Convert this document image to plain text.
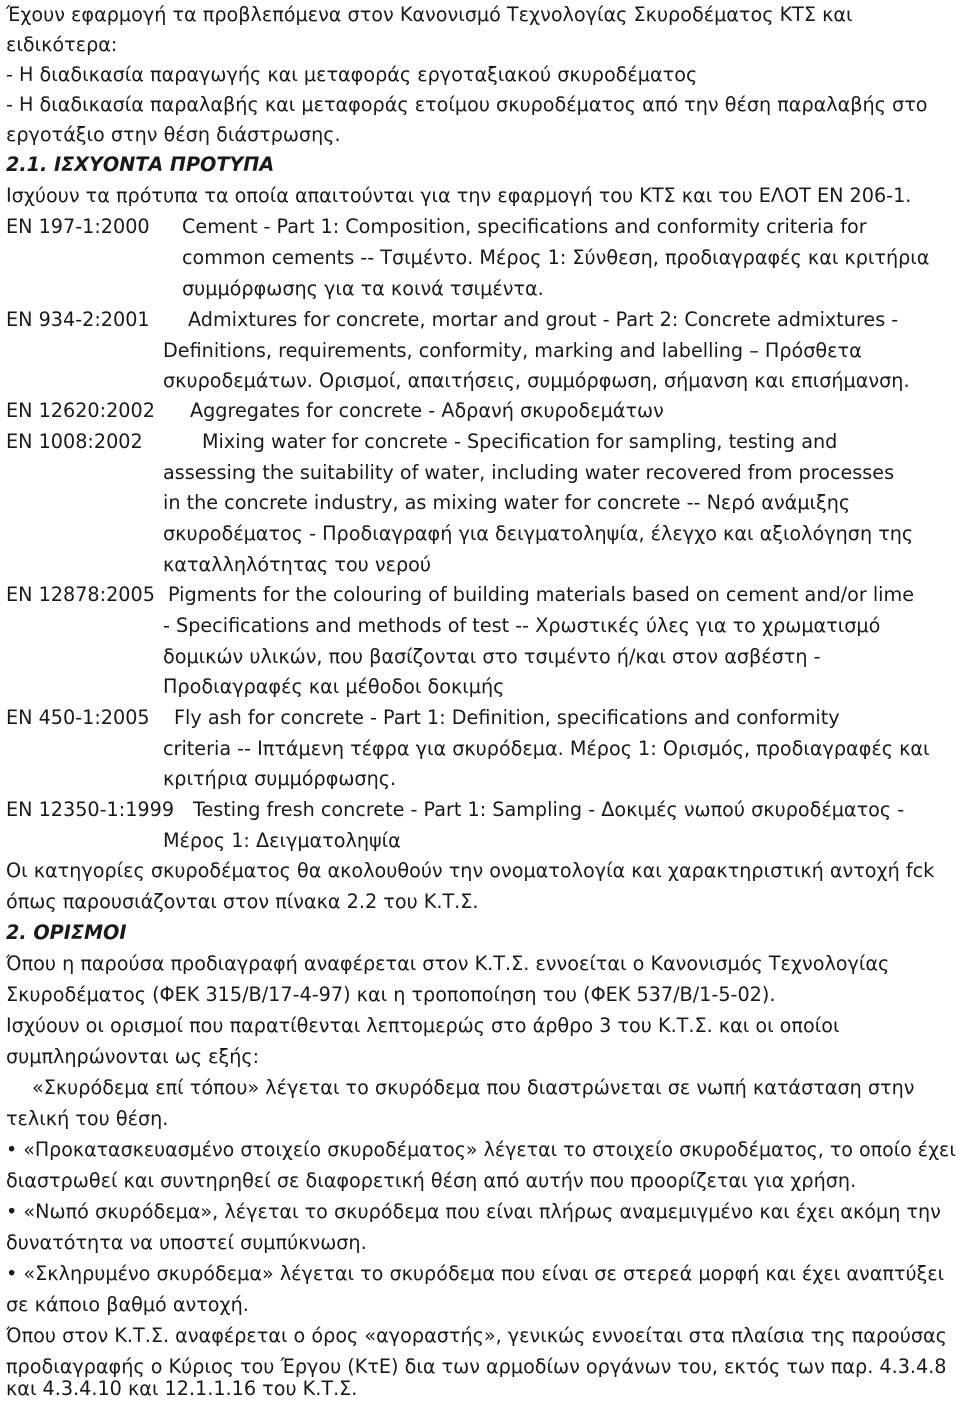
Έχουν εφαρμογή τα προβλεπόμενα στον Κανονισμό Τεχνολογίας Σκυροδέματος ΚΤΣ και
ειδικότερα:
- Η διαδικασία παραγωγής και μεταφοράς εργοταξιακού σκυροδέματος
- Η διαδικασία παραλαβής και μεταφοράς ετοίμου σκυροδέματος από την θέση παραλαβής στο
εργοτάξιο στην θέση διάστρωσης.
2.1. ΙΣΧΥΟΝΤΑ ΠΡΟΤΥΠΑ
Ισχύουν τα πρότυπα τα οποία απαιτούνται για την εφαρμογή του ΚΤΣ και του ΕΛΟΤ ΕΝ 206-1.
EN 197-1:2000 Cement - Part 1: Composition, specifications and conformity criteria for
common cements -- Τσιμέντο. Μέρος 1: Σύνθεση, προδιαγραφές και κριτήρια
συμμόρφωσης για τα κοινά τσιμέντα.
EN 934-2:2001 Admixtures for concrete, mortar and grout - Part 2: Concrete admixtures -
Definitions, requirements, conformity, marking and labelling – Πρόσθετα
σκυροδεμάτων. Ορισμοί, απαιτήσεις, συμμόρφωση, σήμανση και επισήμανση.
EN 12620:2002 Aggregates for concrete - Αδρανή σκυροδεμάτων
EN 1008:2002	Mixing water for concrete - Specification for sampling, testing and
assessing the suitability of water, including water recovered from processes
in the concrete industry, as mixing water for concrete -- Νερό ανάμιξης
σκυροδέματος - Προδιαγραφή για δειγματοληψία, έλεγχο και αξιολόγηση της
καταλληλότητας του νερού
EN 12878:2005 Pigments for the colouring of building materials based on cement and/or lime
- Specifications and methods of test -- Χρωστικές ύλες για το χρωματισμό
δομικών υλικών, που βασίζονται στο τσιμέντο ή/και στον ασβέστη -
Προδιαγραφές και μέθοδοι δοκιμής
EN 450-1:2005 Fly ash for concrete - Part 1: Definition, specifications and conformity
criteria -- Ιπτάμενη τέφρα για σκυρόδεμα. Μέρος 1: Ορισμός, προδιαγραφές και
κριτήρια συμμόρφωσης.
EN 12350-1:1999 Testing fresh concrete - Part 1: Sampling - Δοκιμές νωπού σκυροδέματος -
Μέρος 1: Δειγματοληψία
Οι κατηγορίες σκυροδέματος θα ακολουθούν την ονοματολογία και χαρακτηριστική αντοχή fck
όπως παρουσιάζονται στον πίνακα 2.2 του Κ.Τ.Σ.
2. ΟΡΙΣΜΟΙ
Όπου η παρούσα προδιαγραφή αναφέρεται στον Κ.Τ.Σ. εννοείται ο Κανονισμός Τεχνολογίας
Σκυροδέματος (ΦΕΚ 315/Β/17-4-97) και η τροποποίηση του (ΦΕΚ 537/Β/1-5-02).
Ισχύουν οι ορισμοί που παρατίθενται λεπτομερώς στο άρθρο 3 του Κ.Τ.Σ. και οι οποίοι
συμπληρώνονται ως εξής:
«Σκυρόδεμα επί τόπου» λέγεται το σκυρόδεμα που διαστρώνεται σε νωπή κατάσταση στην
τελική του θέση.
• «Προκατασκευασμένο στοιχείο σκυροδέματος» λέγεται το στοιχείο σκυροδέματος, το οποίο έχει
διαστρωθεί και συντηρηθεί σε διαφορετική θέση από αυτήν που προορίζεται για χρήση.
• «Νωπό σκυρόδεμα», λέγεται το σκυρόδεμα που είναι πλήρως αναμεμιγμένο και έχει ακόμη την
δυνατότητα να υποστεί συμπύκνωση.
• «Σκληρυμένο σκυρόδεμα» λέγεται το σκυρόδεμα που είναι σε στερεά μορφή και έχει αναπτύξει
σε κάποιο βαθμό αντοχή.
Όπου στον Κ.Τ.Σ. αναφέρεται ο όρος «αγοραστής», γενικώς εννοείται στα πλαίσια της παρούσας
προδιαγραφής ο Κύριος του Έργου (ΚτΕ) δια των αρμοδίων οργάνων του, εκτός των παρ. 4.3.4.8
και 4.3.4.10 και 12.1.1.16 του Κ.Τ.Σ.
